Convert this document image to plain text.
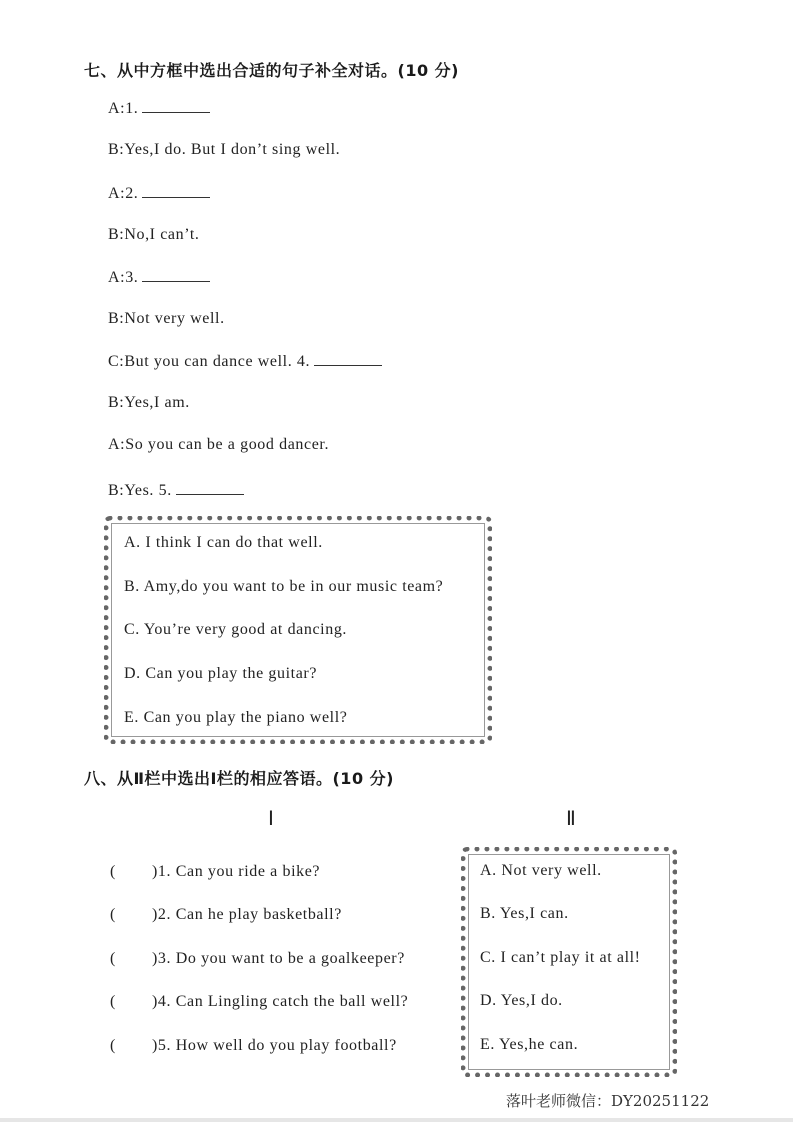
七、从中方框中选出合适的句子补全对话。(10 分)
A:1.
B:Yes,I do. But I don’t sing well.
A:2.
B:No,I can’t.
A:3.
B:Not very well.
C:But you can dance well. 4.
B:Yes,I am.
A:So you can be a good dancer.
B:Yes. 5.
A. I think I can do that well.
B. Amy,do you want to be in our music team?
C. You’re very good at dancing.
D. Can you play the guitar?
E. Can you play the piano well?
八、从Ⅱ栏中选出Ⅰ栏的相应答语。(10 分)
Ⅰ	Ⅱ
( )1. Can you ride a bike?
( )2. Can he play basketball?
( )3. Do you want to be a goalkeeper?
( )4. Can Lingling catch the ball well?
( )5. How well do you play football?
A. Not very well.
B. Yes,I can.
C. I can’t play it at all!
D. Yes,I do.
E. Yes,he can.
落叶老师微信：DY20251122
